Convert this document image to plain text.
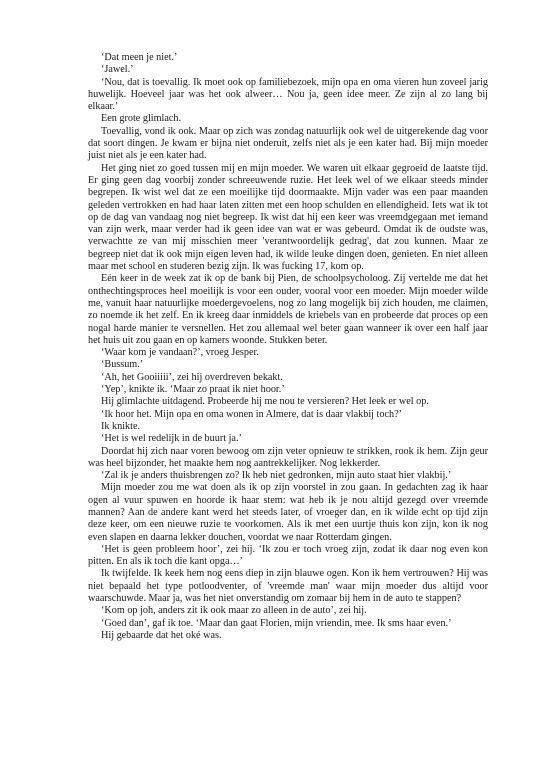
‘Dat meen je niet.’

‘Jawel.’

‘Nou, dat is toevallig. Ik moet ook op familiebezoek, mijn opa en oma vieren hun zoveel jarig huwelijk. Hoeveel jaar was het ook alweer… Nou ja, geen idee meer. Ze zijn al zo lang bij elkaar.’

Een grote glimlach.

Toevallig, vond ik ook. Maar op zich was zondag natuurlijk ook wel de uitgerekende dag voor dat soort dingen. Je kwam er bijna niet onderuit, zelfs niet als je een kater had. Bij mijn moeder juist niet als je een kater had.

Het ging niet zo goed tussen mij en mijn moeder. We waren uit elkaar gegroeid de laatste tijd. Er ging geen dag voorbij zonder schreeuwende ruzie. Het leek wel of we elkaar steeds minder begrepen. Ik wist wel dat ze een moeilijke tijd doormaakte. Mijn vader was een paar maanden geleden vertrokken en had haar laten zitten met een hoop schulden en ellendigheid. Iets wat ik tot op de dag van vandaag nog niet begreep. Ik wist dat hij een keer was vreemdgegaan met iemand van zijn werk, maar verder had ik geen idee van wat er was gebeurd. Omdat ik de oudste was, verwachtte ze van mij misschien meer 'verantwoordelijk gedrag', dat zou kunnen. Maar ze begreep niet dat ik ook mijn eigen leven had, ik wilde leuke dingen doen, genieten. En niet alleen maar met school en studeren bezig zijn. Ik was fucking 17, kom op.

Eén keer in de week zat ik op de bank bij Pien, de schoolpsycholoog. Zij vertelde me dat het onthechtingsproces heel moeilijk is voor een ouder, vooral voor een moeder. Mijn moeder wilde me, vanuit haar natuurlijke moedergevoelens, nog zo lang mogelijk bij zich houden, me claimen, zo noemde ik het zelf. En ik kreeg daar inmiddels de kriebels van en probeerde dat proces op een nogal harde manier te versnellen. Het zou allemaal wel beter gaan wanneer ik over een half jaar het huis uit zou gaan en op kamers woonde. Stukken beter.

‘Waar kom je vandaan?’, vroeg Jesper.

‘Bussum.’

‘Ah, het Gooiiiii’, zei hij overdreven bekakt.

‘Yep’, knikte ik. ‘Maar zo praat ik niet hoor.’

Hij glimlachte uitdagend. Probeerde hij me nou te versieren? Het leek er wel op.

‘Ik hoor het. Mijn opa en oma wonen in Almere, dat is daar vlakbij toch?’

Ik knikte.

‘Het is wel redelijk in de buurt ja.’

Doordat hij zich naar voren bewoog om zijn veter opnieuw te strikken, rook ik hem. Zijn geur was heel bijzonder, het maakte hem nog aantrekkelijker. Nog lekkerder.

‘Zal ik je anders thuisbrengen zo? Ik heb niet gedronken, mijn auto staat hier vlakbij.’

Mijn moeder zou me wat doen als ik op zijn voorstel in zou gaan. In gedachten zag ik haar ogen al vuur spuwen en hoorde ik haar stem: wat heb ik je nou altijd gezegd over vreemde mannen? Aan de andere kant werd het steeds later, of vroeger dan, en ik wilde echt op tijd zijn deze keer, om een nieuwe ruzie te voorkomen. Als ik met een uurtje thuis kon zijn, kon ik nog even slapen en daarna lekker douchen, voordat we naar Rotterdam gingen.

‘Het is geen probleem hoor’, zei hij. ‘Ik zou er toch vroeg zijn, zodat ik daar nog even kon pitten. En als ik toch die kant opga…’

Ik twijfelde. Ik keek hem nog eens diep in zijn blauwe ogen. Kon ik hem vertrouwen? Hij was niet bepaald het type potloodventer, of 'vreemde man' waar mijn moeder dus altijd voor waarschuwde. Maar ja, was het niet onverstandig om zomaar bij hem in de auto te stappen?

‘Kom op joh, anders zit ik ook maar zo alleen in de auto’, zei hij.

‘Goed dan’, gaf ik toe. ‘Maar dan gaat Florien, mijn vriendin, mee. Ik sms haar even.’

Hij gebaarde dat het oké was.
